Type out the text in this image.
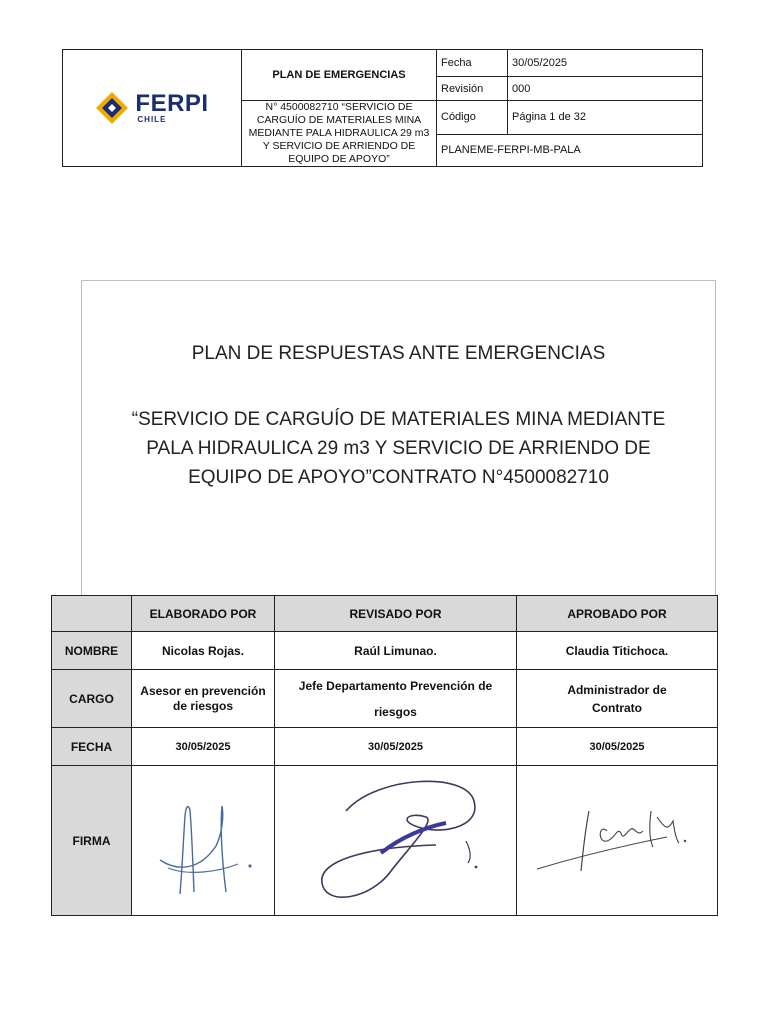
FERPI
CHILE	PLAN DE EMERGENCIAS	Fecha	30/05/2025
		Revisión	000
	N° 4500082710 “SERVICIO DE CARGUÍO DE MATERIALES MINA MEDIANTE PALA HIDRAULICA 29 m3 Y SERVICIO DE ARRIENDO DE EQUIPO DE APOYO”	Código	Página 1 de 32
		PLANEME-FERPI-MB-PALA	
PLAN DE RESPUESTAS ANTE EMERGENCIAS
“SERVICIO DE CARGUÍO DE MATERIALES MINA MEDIANTE PALA HIDRAULICA 29 m3 Y SERVICIO DE ARRIENDO DE EQUIPO DE APOYO”CONTRATO N°4500082710
	ELABORADO POR	REVISADO POR	APROBADO POR
NOMBRE	Nicolas Rojas.	Raúl Limunao.	Claudia Titichoca.
CARGO	Asesor en prevención de riesgos	Jefe Departamento Prevención de riesgos	Administrador de Contrato
FECHA	30/05/2025	30/05/2025	30/05/2025
FIRMA	
